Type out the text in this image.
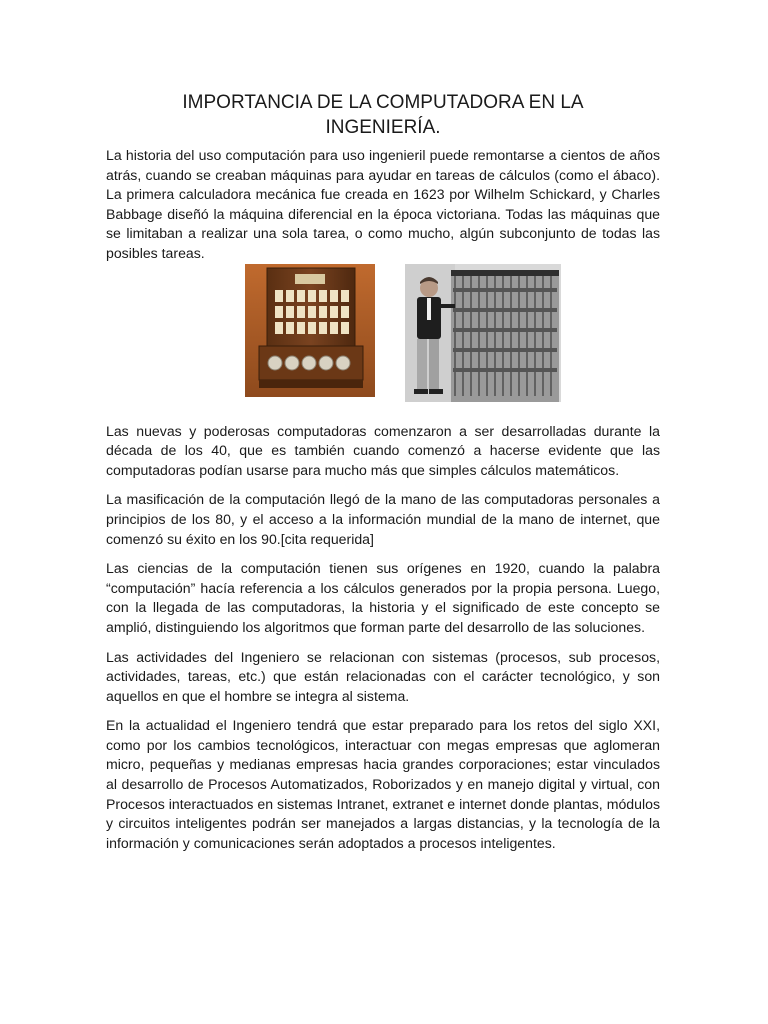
IMPORTANCIA DE LA COMPUTADORA EN LA INGENIERÍA.

La historia del uso computación para uso ingenieril puede remontarse a cientos de años atrás, cuando se creaban máquinas para ayudar en tareas de cálculos (como el ábaco). La primera calculadora mecánica fue creada en 1623 por Wilhelm Schickard, y Charles Babbage diseñó la máquina diferencial en la época victoriana. Todas las máquinas que se limitaban a realizar una sola tarea, o como mucho, algún subconjunto de todas las posibles tareas.

Las nuevas y poderosas computadoras comenzaron a ser desarrolladas durante la década de los 40, que es también cuando comenzó a hacerse evidente que las computadoras podían usarse para mucho más que simples cálculos matemáticos.

La masificación de la computación llegó de la mano de las computadoras personales a principios de los 80, y el acceso a la información mundial de la mano de internet, que comenzó su éxito en los 90.[cita requerida]

Las ciencias de la computación tienen sus orígenes en 1920, cuando la palabra “computación” hacía referencia a los cálculos generados por la propia persona. Luego, con la llegada de las computadoras, la historia y el significado de este concepto se amplió, distinguiendo los algoritmos que forman parte del desarrollo de las soluciones.

Las actividades del Ingeniero se relacionan con sistemas (procesos, sub procesos, actividades, tareas, etc.) que están relacionadas con el carácter tecnológico, y son aquellos en que el hombre se integra al sistema.

En la actualidad el Ingeniero tendrá que estar preparado para los retos del siglo XXI, como por los cambios tecnológicos, interactuar con megas empresas que aglomeran micro, pequeñas y medianas empresas hacia grandes corporaciones; estar vinculados al desarrollo de Procesos Automatizados, Roborizados y en manejo digital y virtual, con Procesos interactuados en sistemas Intranet, extranet e internet donde plantas, módulos y circuitos inteligentes podrán ser manejados a largas distancias, y la tecnología de la información y comunicaciones serán adoptados a procesos inteligentes.
